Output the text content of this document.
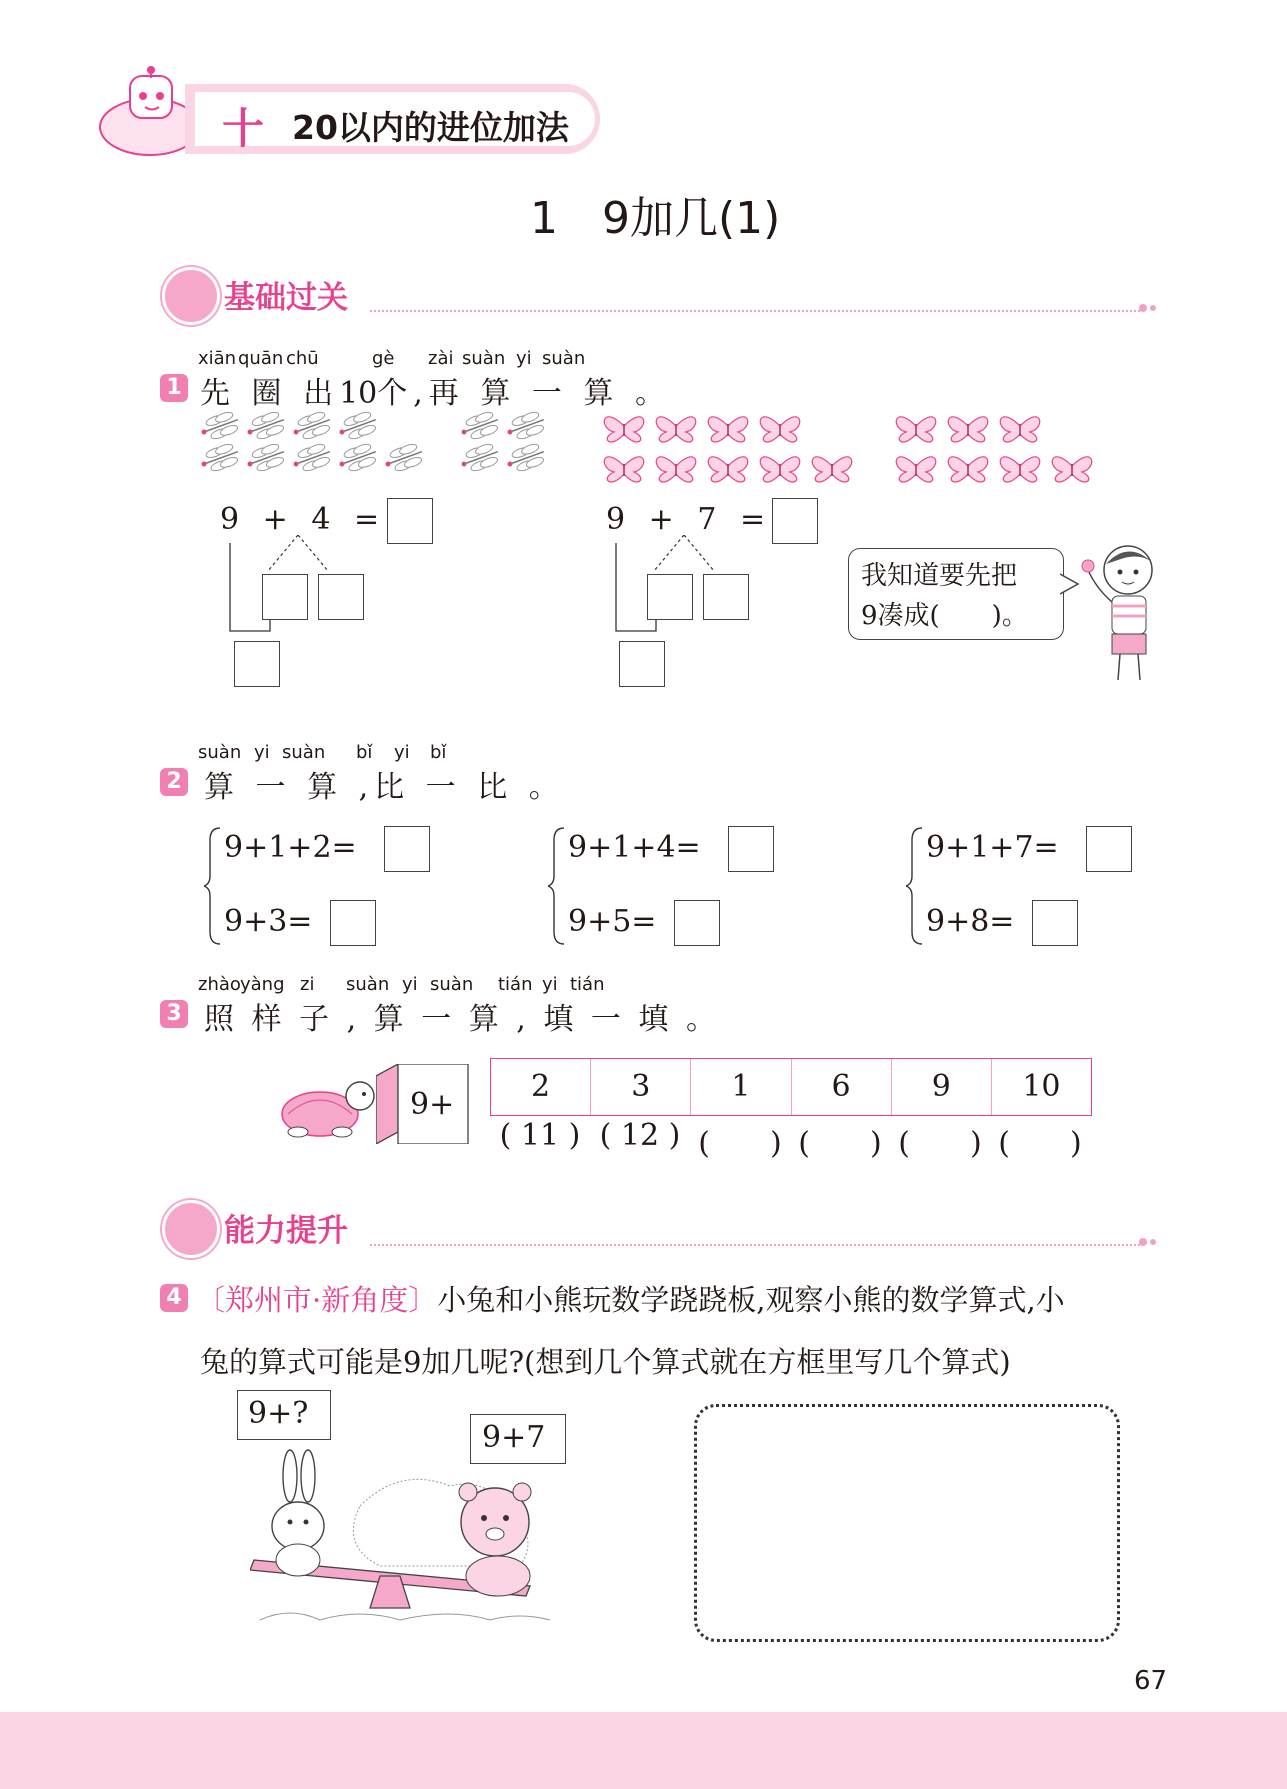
十 20以内的进位加法
1　9加几(1)
基础过关
xiān quān chū	gè zài suàn yi suàn
1 先 圈 出10个,再 算 一 算 。
9 + 4 =	9 + 7 =
我知道要先把
9凑成(　　)。
suàn yi suàn bǐ yi bǐ
2 算 一 算 ,比 一 比 。
9+1+2=
9+3=
9+1+4=
9+5=
9+1+7=
9+8=
zhào yàng zi suàn yi suàn tián yi tián
3 照 样 子 , 算 一 算 , 填 一 填 。
9+
2	3	1	6	9	10
( 11 ) ( 12 ) (　　) (　　) (　　) (　　)
能力提升
4 〔郑州市·新角度〕小兔和小熊玩数学跷跷板,观察小熊的数学算式,小
兔的算式可能是9加几呢?(想到几个算式就在方框里写几个算式)
9+?
9+7
67
